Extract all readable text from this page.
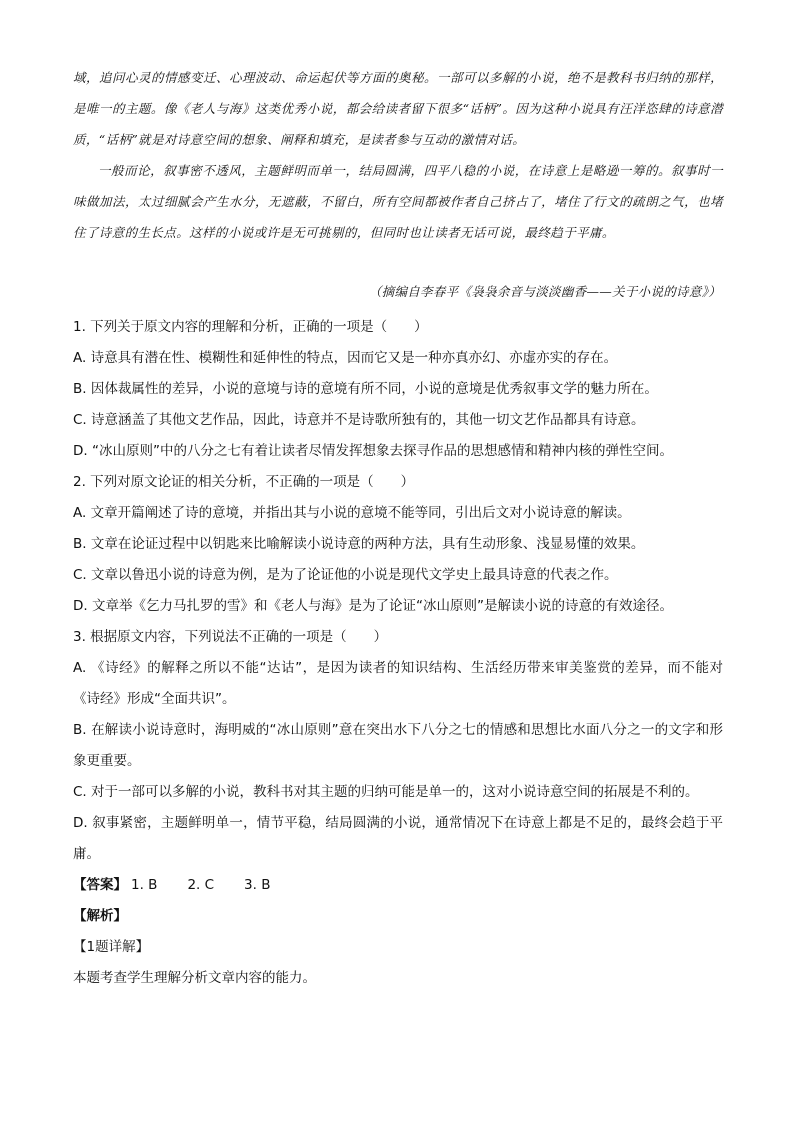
域，追问心灵的情感变迁、心理波动、命运起伏等方面的奥秘。一部可以多解的小说，绝不是教科书归纳的那样，是唯一的主题。像《老人与海》这类优秀小说，都会给读者留下很多“话柄”。因为这种小说具有汪洋恣肆的诗意潜质，“话柄”就是对诗意空间的想象、阐释和填充，是读者参与互动的激情对话。

一般而论，叙事密不透风，主题鲜明而单一，结局圆满，四平八稳的小说，在诗意上是略逊一筹的。叙事时一味做加法，太过细腻会产生水分，无遮蔽，不留白，所有空间都被作者自己挤占了，堵住了行文的疏朗之气，也堵住了诗意的生长点。这样的小说或许是无可挑剔的，但同时也让读者无话可说，最终趋于平庸。

（摘编自李春平《袅袅余音与淡淡幽香——关于小说的诗意》）

1. 下列关于原文内容的理解和分析，正确的一项是（　　）

A. 诗意具有潜在性、模糊性和延伸性的特点，因而它又是一种亦真亦幻、亦虚亦实的存在。

B. 因体裁属性的差异，小说的意境与诗的意境有所不同，小说的意境是优秀叙事文学的魅力所在。

C. 诗意涵盖了其他文艺作品，因此，诗意并不是诗歌所独有的，其他一切文艺作品都具有诗意。

D. “冰山原则”中的八分之七有着让读者尽情发挥想象去探寻作品的思想感情和精神内核的弹性空间。

2. 下列对原文论证的相关分析，不正确的一项是（　　）

A. 文章开篇阐述了诗的意境，并指出其与小说的意境不能等同，引出后文对小说诗意的解读。

B. 文章在论证过程中以钥匙来比喻解读小说诗意的两种方法，具有生动形象、浅显易懂的效果。

C. 文章以鲁迅小说的诗意为例，是为了论证他的小说是现代文学史上最具诗意的代表之作。

D. 文章举《乞力马扎罗的雪》和《老人与海》是为了论证“冰山原则”是解读小说的诗意的有效途径。

3. 根据原文内容，下列说法不正确的一项是（　　）

A. 《诗经》的解释之所以不能“达诂”，是因为读者的知识结构、生活经历带来审美鉴赏的差异，而不能对《诗经》形成“全面共识”。

B. 在解读小说诗意时，海明威的“冰山原则”意在突出水下八分之七的情感和思想比水面八分之一的文字和形象更重要。

C. 对于一部可以多解的小说，教科书对其主题的归纳可能是单一的，这对小说诗意空间的拓展是不利的。

D. 叙事紧密，主题鲜明单一，情节平稳，结局圆满的小说，通常情况下在诗意上都是不足的，最终会趋于平庸。

【答案】 1. B 2. C 3. B

【解析】

【1题详解】

本题考查学生理解分析文章内容的能力。
